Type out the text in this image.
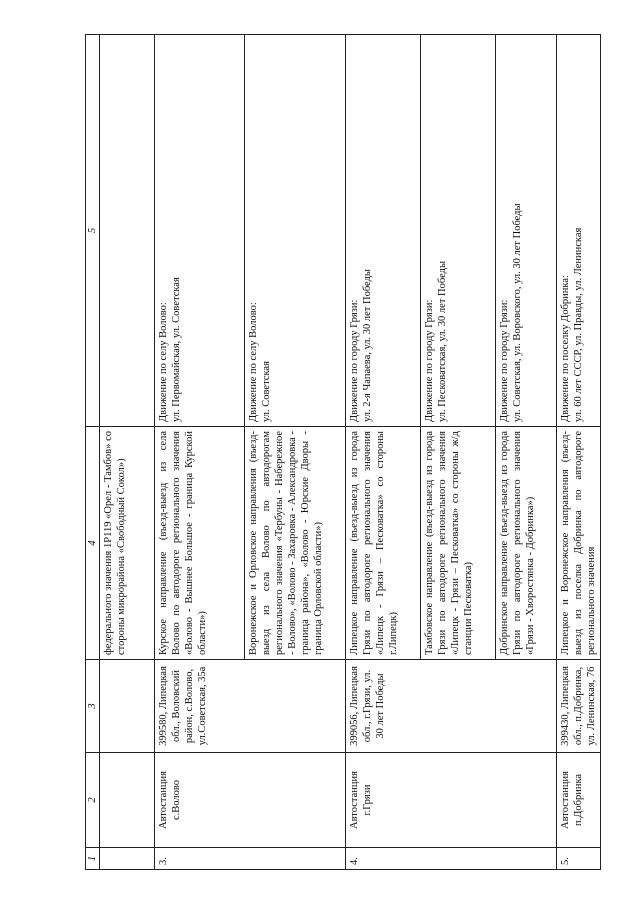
1	2	3	4	5
			федерального значения 1Р119 «Орел - Тамбов» со стороны микрорайона «Свободный Сокол»)	
3.	Автостанция с.Волово	399580, Липецкая обл., Воловский район, с.Волово, ул.Советская, 35а	Курское направление (въезд-выезд из села Волово по автодороге регионального значения «Волово - Вышнее Большое - граница Курской области»)	Движение по селу Волово: ул. Первомайская, ул. Советская

			Воронежское и Орловское направления (въезд-выезд из села Волово по автодорогам регионального значения «Тербуны - Набережное - Волово», «Волово - Захаровка - Александровка - граница района», «Волово - Юрские Дворы - граница Орловской области»)	Движение по селу Волово: ул. Советская

4.	Автостанция г.Грязи	399056, Липецкая обл., г.Грязи, ул. 30 лет Победы	Липецкое направление (въезд-выезд из города Грязи по автодороге регионального значения «Липецк - Грязи – Песковатка» со стороны г.Липецк)	Движение по городу Грязи: ул. 2-я Чапаева, ул. 30 лет Победы

			Тамбовское направление (въезд-выезд из города Грязи по автодороге регионального значения «Липецк - Грязи – Песковатка» со стороны ж/д станции Песковатка)	Движение по городу Грязи: ул. Песковатская, ул. 30 лет Победы

			Добринское направление (въезд-выезд из города Грязи по автодороге регионального значения «Грязи - Хворостянка - Добринка»)	Движение по городу Грязи: ул. Советская, ул. Воровского, ул. 30 лет Победы

5.	Автостанция п.Добринка	399430, Липецкая обл., п.Добринка, ул. Ленинская, 76	Липецкое и Воронежское направления (въезд-выезд из поселка Добринка по автодороге регионального значения	Движение по поселку Добринка: ул. 60 лет СССР, ул. Правды, ул. Ленинская
